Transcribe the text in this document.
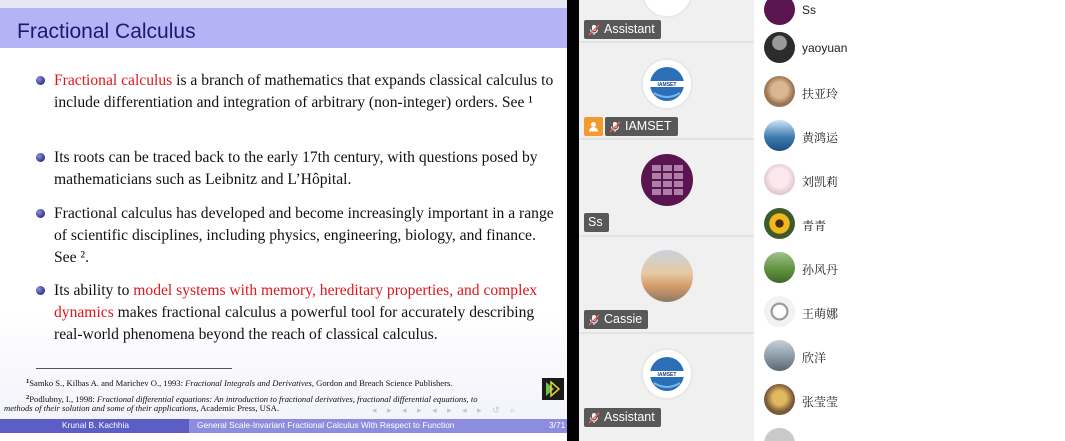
Fractional Calculus
Fractional calculus is a branch of mathematics that expands classical calculus to include differentiation and integration of arbitrary (non-integer) orders. See ¹
Its roots can be traced back to the early 17th century, with questions posed by mathematicians such as Leibnitz and L’Hôpital.
Fractional calculus has developed and become increasingly important in a range of scientific disciplines, including physics, engineering, biology, and finance. See ².
Its ability to model systems with memory, hereditary properties, and complex dynamics makes fractional calculus a powerful tool for accurately describing real-world phenomena beyond the reach of classical calculus.
$^1$Samko S., Kilbas A. and Marichev O., 1993: Fractional Integrals and Derivatives, Gordon and Breach Science Publishers.
$^2$Podlubny, I., 1998: Fractional differential equations: An introduction to fractional derivatives, fractional differential equations, to
methods of their solution and some of their applications, Academic Press, USA.	◂ ▸ ◂ ▸ ◂ ▸ ◂ ▸ ↺ ⌕
Krunal B. Kachhia	General Scale-Invariant Fractional Calculus With Respect to Function	3/71
Assistant
IAMSET
IAMSET
Ss
Cassie
IAMSET
Assistant
Ss
yaoyuan
扶亚玲
黄鸿运
刘凯莉
青青
孙风丹
王萌娜
欣洋
张莹莹
